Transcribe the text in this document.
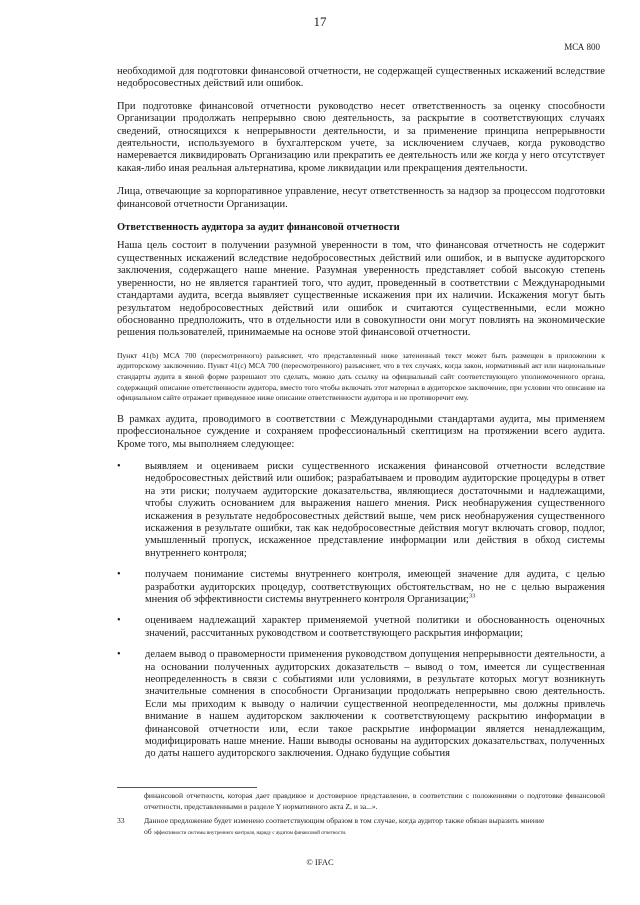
17
МСА 800

необходимой для подготовки финансовой отчетности, не содержащей существенных искажений вследствие недобросовестных действий или ошибок.

При подготовке финансовой отчетности руководство несет ответственность за оценку способности Организации продолжать непрерывно свою деятельность, за раскрытие в соответствующих случаях сведений, относящихся к непрерывности деятельности, и за применение принципа непрерывности деятельности, используемого в бухгалтерском учете, за исключением случаев, когда руководство намеревается ликвидировать Организацию или прекратить ее деятельность или же когда у него отсутствует какая-либо иная реальная альтернатива, кроме ликвидации или прекращения деятельности.

Лица, отвечающие за корпоративное управление, несут ответственность за надзор за процессом подготовки финансовой отчетности Организации.

Ответственность аудитора за аудит финансовой отчетности

Наша цель состоит в получении разумной уверенности в том, что финансовая отчетность не содержит существенных искажений вследствие недобросовестных действий или ошибок, и в выпуске аудиторского заключения, содержащего наше мнение. Разумная уверенность представляет собой высокую степень уверенности, но не является гарантией того, что аудит, проведенный в соответствии с Международными стандартами аудита, всегда выявляет существенные искажения при их наличии. Искажения могут быть результатом недобросовестных действий или ошибок и считаются существенными, если можно обоснованно предположить, что в отдельности или в совокупности они могут повлиять на экономические решения пользователей, принимаемые на основе этой финансовой отчетности.

Пункт 41(b) МСА 700 (пересмотренного) разъясняет, что представленный ниже затененный текст может быть размещен в приложении к аудиторскому заключению. Пункт 41(c) МСА 700 (пересмотренного) разъясняет, что в тех случаях, когда закон, нормативный акт или национальные стандарты аудита в явной форме разрешают это сделать, можно дать ссылку на официальный сайт соответствующего уполномоченного органа, содержащий описание ответственности аудитора, вместо того чтобы включать этот материал в аудиторское заключение, при условии что описание на официальном сайте отражает приведенное ниже описание ответственности аудитора и не противоречит ему.

В рамках аудита, проводимого в соответствии с Международными стандартами аудита, мы применяем профессиональное суждение и сохраняем профессиональный скептицизм на протяжении всего аудита. Кроме того, мы выполняем следующее:

• выявляем и оцениваем риски существенного искажения финансовой отчетности вследствие недобросовестных действий или ошибок; разрабатываем и проводим аудиторские процедуры в ответ на эти риски; получаем аудиторские доказательства, являющиеся достаточными и надлежащими, чтобы служить основанием для выражения нашего мнения. Риск необнаружения существенного искажения в результате недобросовестных действий выше, чем риск необнаружения существенного искажения в результате ошибки, так как недобросовестные действия могут включать сговор, подлог, умышленный пропуск, искаженное представление информации или действия в обход системы внутреннего контроля;
• получаем понимание системы внутреннего контроля, имеющей значение для аудита, с целью разработки аудиторских процедур, соответствующих обстоятельствам, но не с целью выражения мнения об эффективности системы внутреннего контроля Организации;$^{33}$
• оцениваем надлежащий характер применяемой учетной политики и обоснованность оценочных значений, рассчитанных руководством и соответствующего раскрытия информации;
• делаем вывод о правомерности применения руководством допущения непрерывности деятельности, а на основании полученных аудиторских доказательств – вывод о том, имеется ли существенная неопределенность в связи с событиями или условиями, в результате которых могут возникнуть значительные сомнения в способности Организации продолжать непрерывно свою деятельность. Если мы приходим к выводу о наличии существенной неопределенности, мы должны привлечь внимание в нашем аудиторском заключении к соответствующему раскрытию информации в финансовой отчетности или, если такое раскрытие информации является ненадлежащим, модифицировать наше мнение. Наши выводы основаны на аудиторских доказательствах, полученных до даты нашего аудиторского заключения. Однако будущие события
финансовой отчетности, которая дает правдивое и достоверное представление, в соответствии с положениями о подготовке финансовой отчетности, представленными в разделе Y нормативного акта Z, и за...».
33	Данное предложение будет изменено соответствующим образом в том случае, когда аудитор также обязан выразить мнение
об эффективности системы внутреннего контроля, наряду с аудитом финансовой отчетности.
© IFAC
